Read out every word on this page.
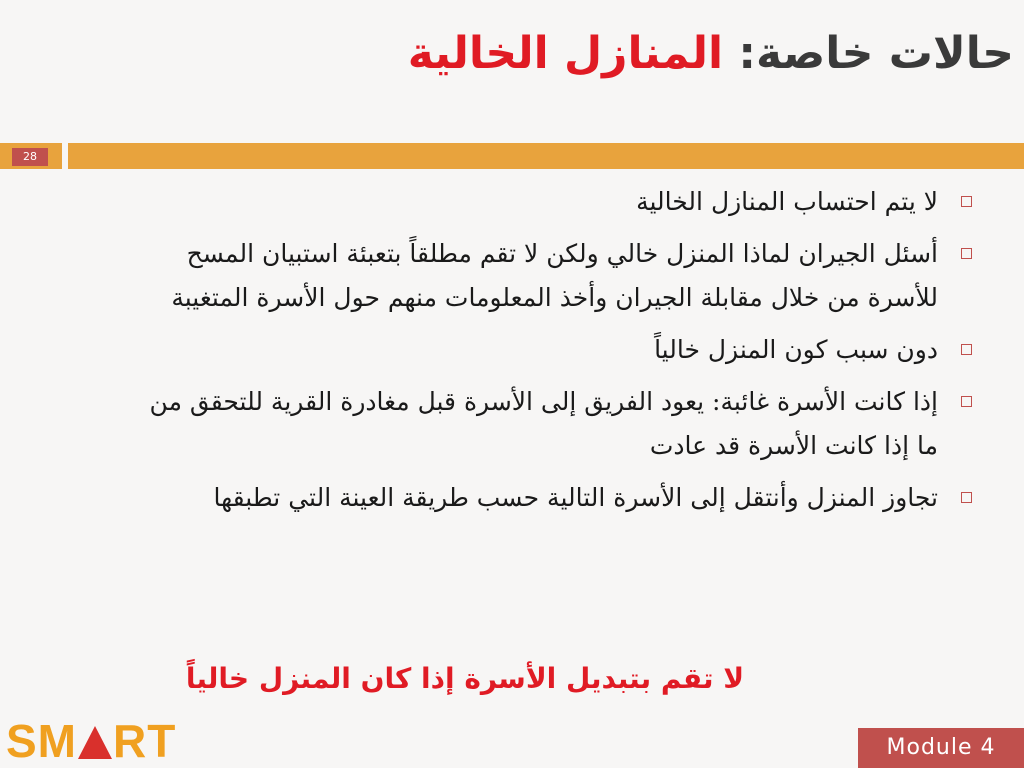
حالات خاصة: المنازل الخالية
28
لا يتم احتساب المنازل الخالية
أسئل الجيران لماذا المنزل خالي ولكن لا تقم مطلقاً بتعبئة استبيان المسح للأسرة من خلال مقابلة الجيران وأخذ المعلومات منهم حول الأسرة المتغيبة
دون سبب كون المنزل خالياً
إذا كانت الأسرة غائبة: يعود الفريق إلى الأسرة قبل مغادرة القرية للتحقق من ما إذا كانت الأسرة قد عادت
تجاوز المنزل وأنتقل إلى الأسرة التالية حسب طريقة العينة التي تطبقها
لا تقم بتبديل الأسرة إذا كان المنزل خالياً
SM RT	Module 4
